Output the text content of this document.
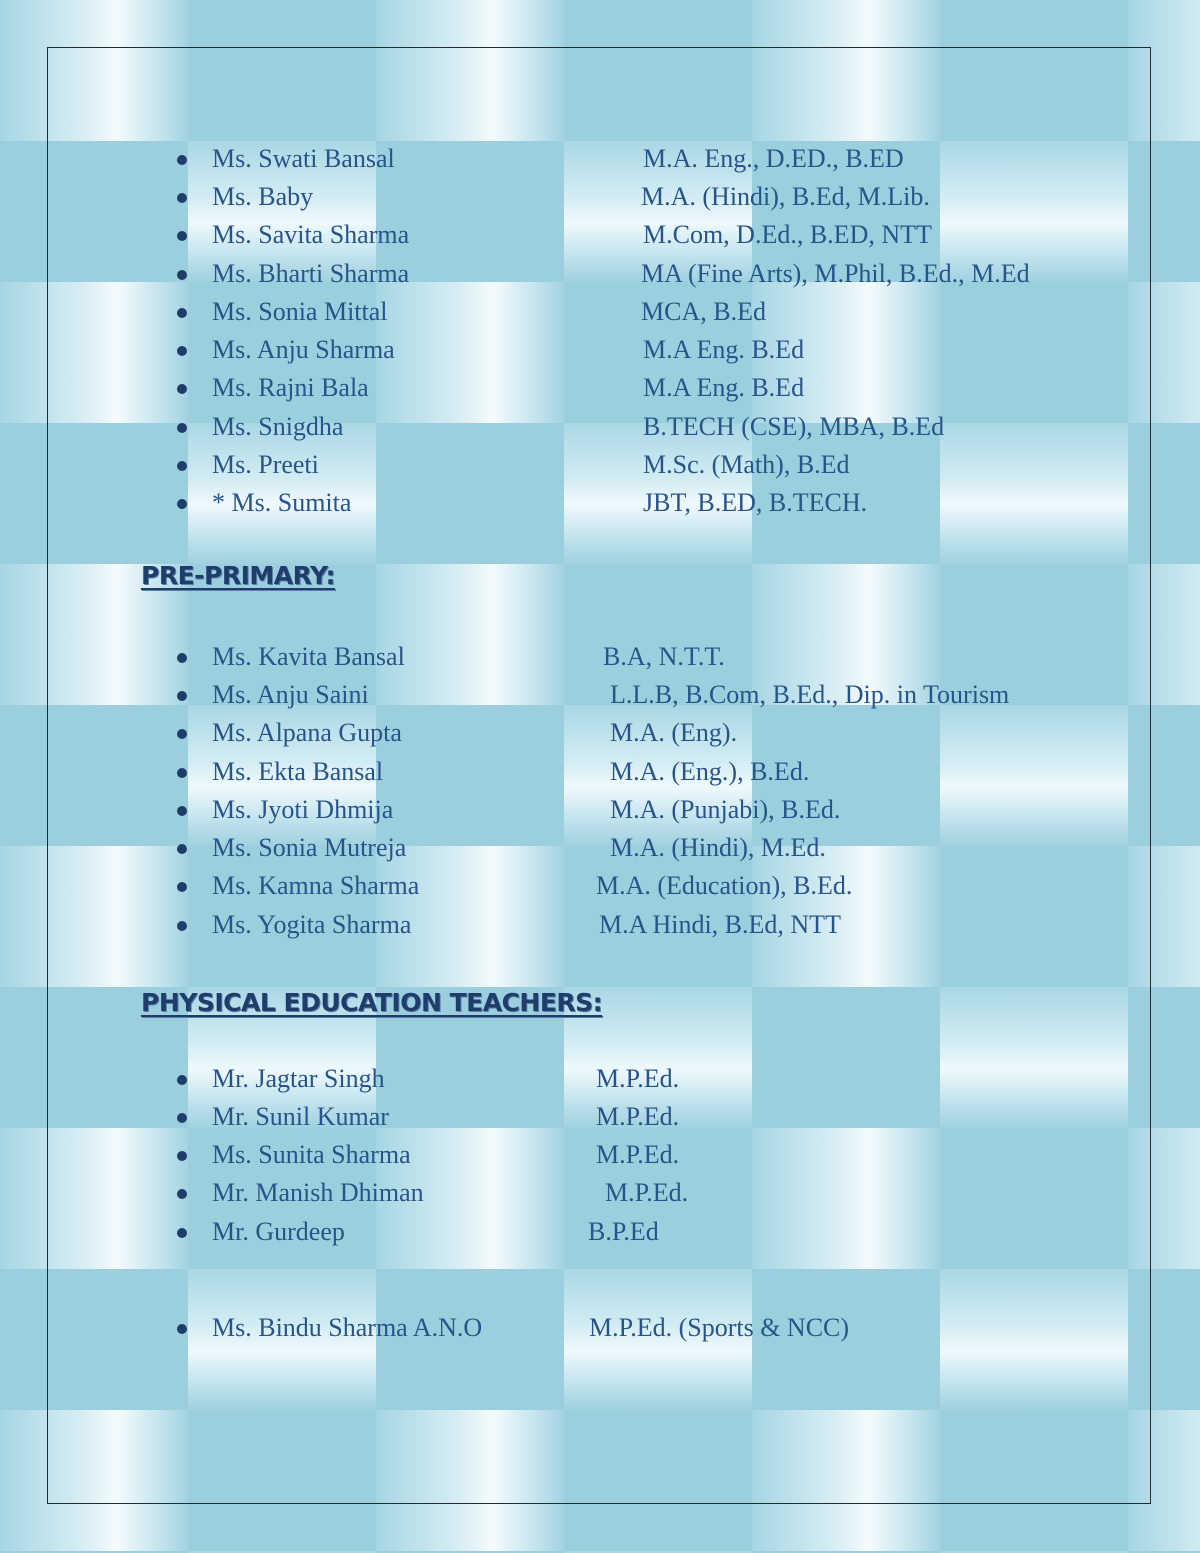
Ms. Swati Bansal	M.A. Eng., D.ED., B.ED
Ms. Baby	M.A. (Hindi), B.Ed, M.Lib.
Ms. Savita Sharma	M.Com, D.Ed., B.ED, NTT
Ms. Bharti Sharma	MA (Fine Arts), M.Phil, B.Ed., M.Ed
Ms. Sonia Mittal	MCA, B.Ed
Ms. Anju Sharma	M.A Eng. B.Ed
Ms. Rajni Bala	M.A Eng. B.Ed
Ms. Snigdha	B.TECH (CSE), MBA, B.Ed
Ms. Preeti	M.Sc. (Math), B.Ed
* Ms. Sumita	JBT, B.ED, B.TECH.
PRE-PRIMARY:
Ms. Kavita Bansal	B.A, N.T.T.
Ms. Anju Saini	L.L.B, B.Com, B.Ed., Dip. in Tourism
Ms. Alpana Gupta	M.A. (Eng).
Ms. Ekta Bansal	M.A. (Eng.), B.Ed.
Ms. Jyoti Dhmija	M.A. (Punjabi), B.Ed.
Ms. Sonia Mutreja	M.A. (Hindi), M.Ed.
Ms. Kamna Sharma	M.A. (Education), B.Ed.
Ms. Yogita Sharma	M.A Hindi, B.Ed, NTT
PHYSICAL EDUCATION TEACHERS:
Mr. Jagtar Singh	M.P.Ed.
Mr. Sunil Kumar	M.P.Ed.
Ms. Sunita Sharma	M.P.Ed.
Mr. Manish Dhiman	M.P.Ed.
Mr. Gurdeep	B.P.Ed
Ms. Bindu Sharma A.N.O	M.P.Ed. (Sports & NCC)
